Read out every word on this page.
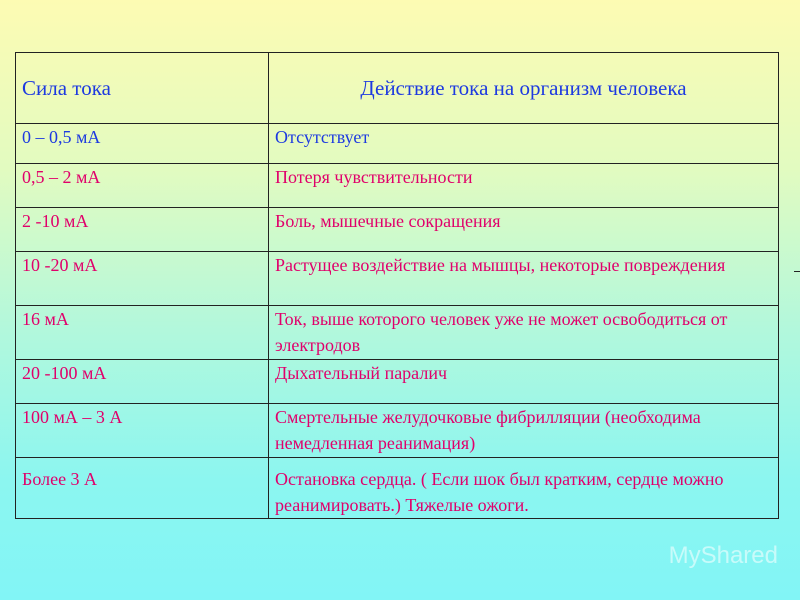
Сила тока	Действие тока на организм человека
0 – 0,5 мА	Отсутствует
0,5 – 2 мА	Потеря чувствительности
2 -10 мА	Боль, мышечные сокращения
10 -20 мА	Растущее воздействие на мышцы, некоторые повреждения
16 мА	Ток, выше которого человек уже не может освободиться от электродов
20 -100 мА	Дыхательный паралич
100 мА – 3 А	Смертельные желудочковые фибрилляции (необходима немедленная реанимация)
Более 3 А	Остановка сердца. ( Если шок был кратким, сердце можно реанимировать.) Тяжелые ожоги.
MyShared
